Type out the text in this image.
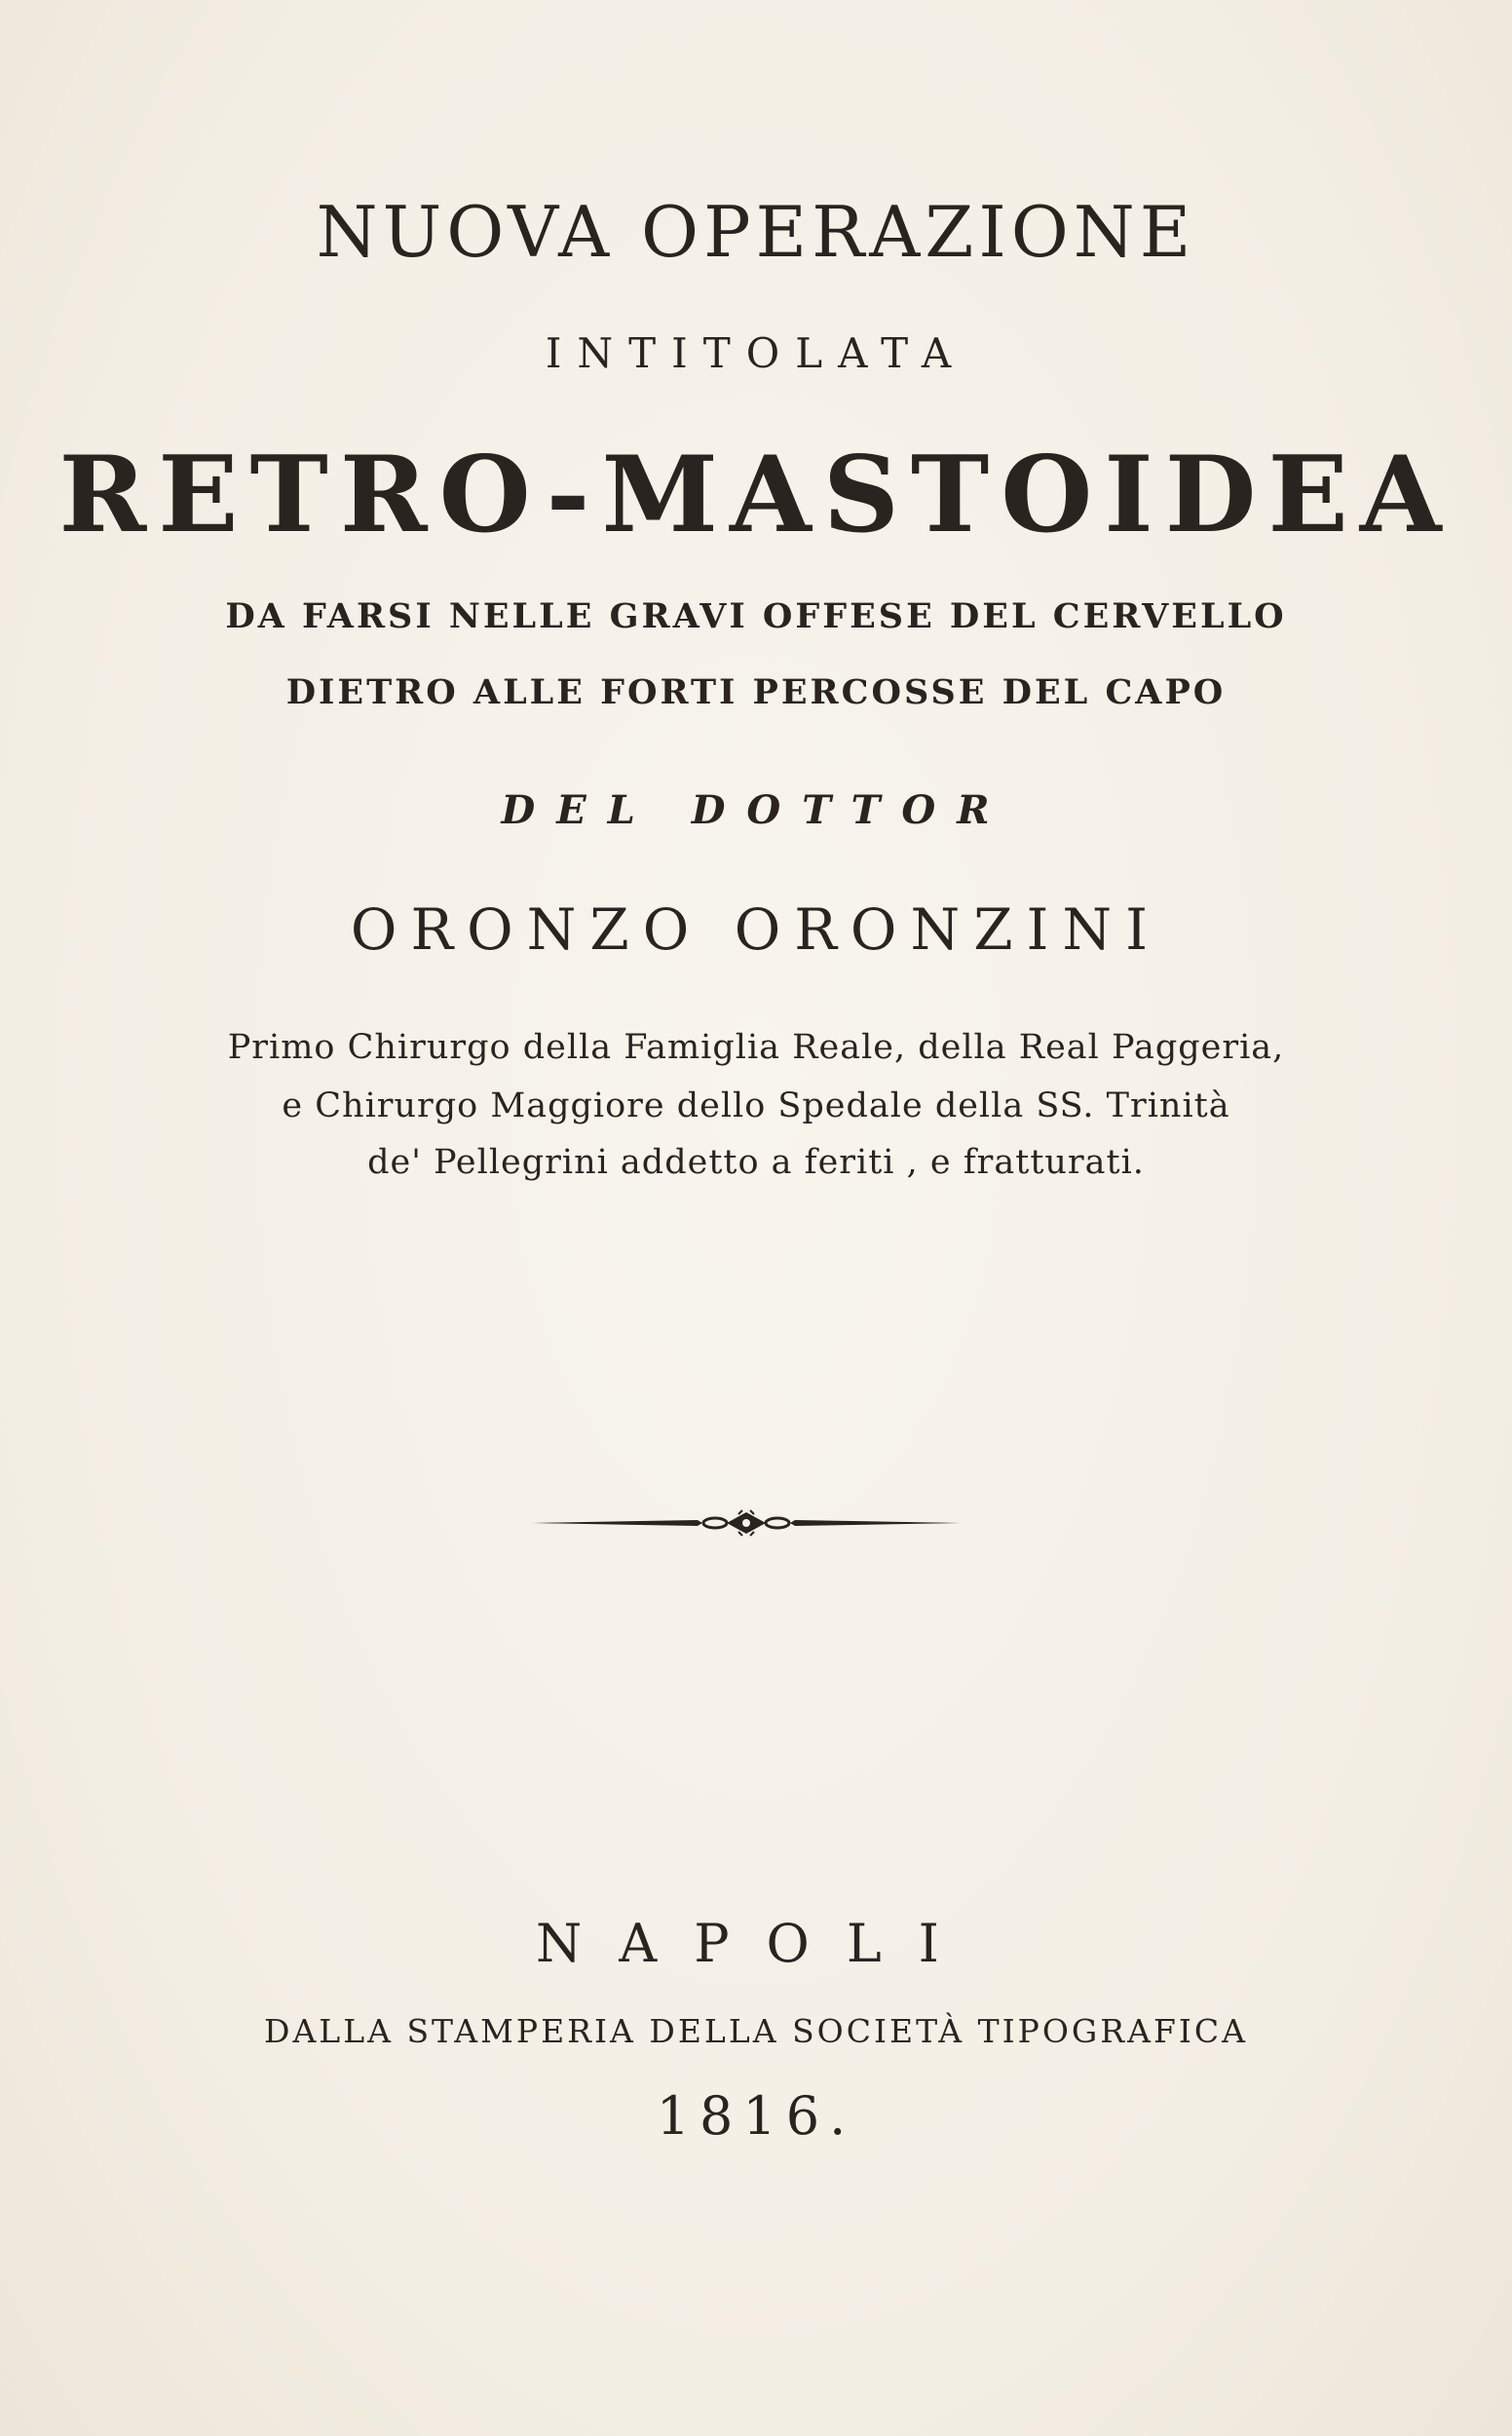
NUOVA OPERAZIONE
INTITOLATA
RETRO-MASTOIDEA
DA FARSI NELLE GRAVI OFFESE DEL CERVELLO
DIETRO ALLE FORTI PERCOSSE DEL CAPO
DEL DOTTOR
ORONZO ORONZINI
Primo Chirurgo della Famiglia Reale, della Real Paggeria,
e Chirurgo Maggiore dello Spedale della SS. Trinità
de' Pellegrini addetto a feriti , e fratturati.
NAPOLI
DALLA STAMPERIA DELLA SOCIETÀ TIPOGRAFICA
1816.
